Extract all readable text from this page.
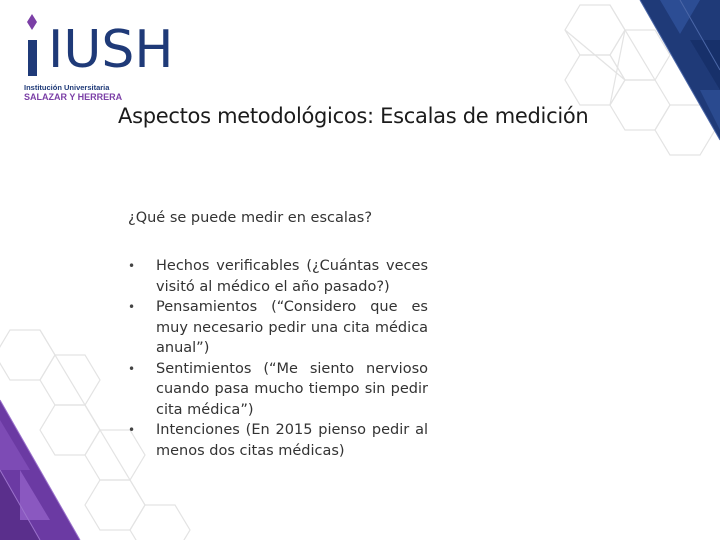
IUSH
Institución Universitaria
SALAZAR Y HERRERA
Aspectos metodológicos: Escalas de medición
¿Qué se puede medir en escalas?
• Hechos verificables (¿Cuántas veces visitó al médico el año pasado?)
• Pensamientos (“Considero que es muy necesario pedir una cita médica anual”)
• Sentimientos (“Me siento nervioso cuando pasa mucho tiempo sin pedir cita médica”)
• Intenciones (En 2015 pienso pedir al menos dos citas médicas)
